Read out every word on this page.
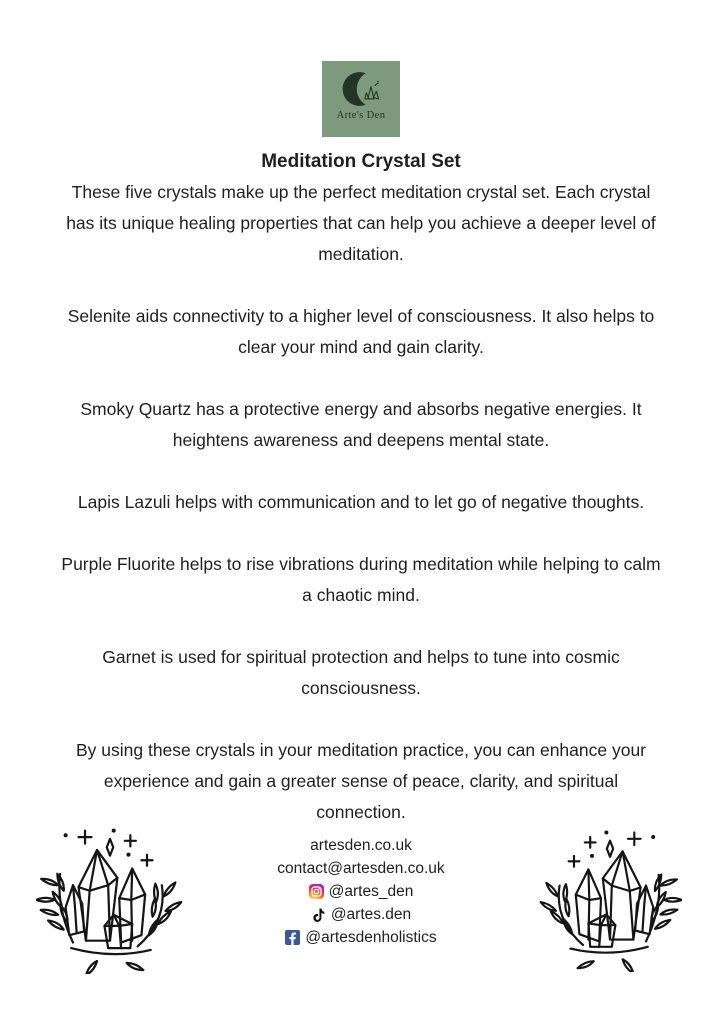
Arte's Den
Meditation Crystal Set

These five crystals make up the perfect meditation crystal set. Each crystal has its unique healing properties that can help you achieve a deeper level of meditation.

Selenite aids connectivity to a higher level of consciousness. It also helps to clear your mind and gain clarity.

Smoky Quartz has a protective energy and absorbs negative energies. It heightens awareness and deepens mental state.

Lapis Lazuli helps with communication and to let go of negative thoughts.

Purple Fluorite helps to rise vibrations during meditation while helping to calm a chaotic mind.

Garnet is used for spiritual protection and helps to tune into cosmic consciousness.

By using these crystals in your meditation practice, you can enhance your experience and gain a greater sense of peace, clarity, and spiritual connection.

artesden.co.uk
contact@artesden.co.uk
@artes_den
@artes.den
@artesdenholistics
